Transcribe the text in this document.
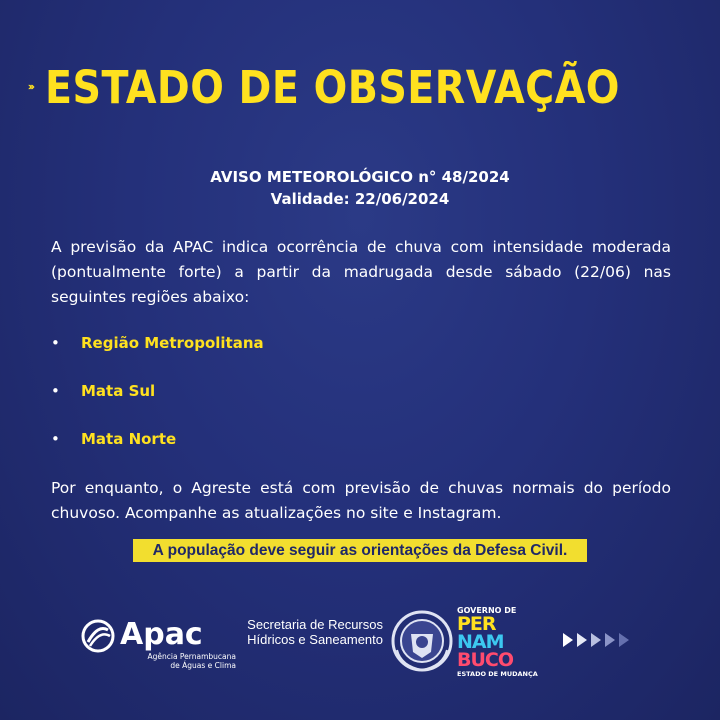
ESTADO DE OBSERVAÇÃO
AVISO METEOROLÓGICO n° 48/2024
Validade: 22/06/2024
A previsão da APAC indica ocorrência de chuva com intensidade moderada (pontualmente forte) a partir da madrugada desde sábado (22/06) nas seguintes regiões abaixo:
•	Região Metropolitana
•	Mata Sul
•	Mata Norte
Por enquanto, o Agreste está com previsão de chuvas normais do período chuvoso. Acompanhe as atualizações no site e Instagram.
A população deve seguir as orientações da Defesa Civil.
Apac
Agência Pernambucana de Águas e Clima
Secretaria de Recursos Hídricos e Saneamento
GOVERNO DE
PER
NAM
BUCO
ESTADO DE MUDANÇA
